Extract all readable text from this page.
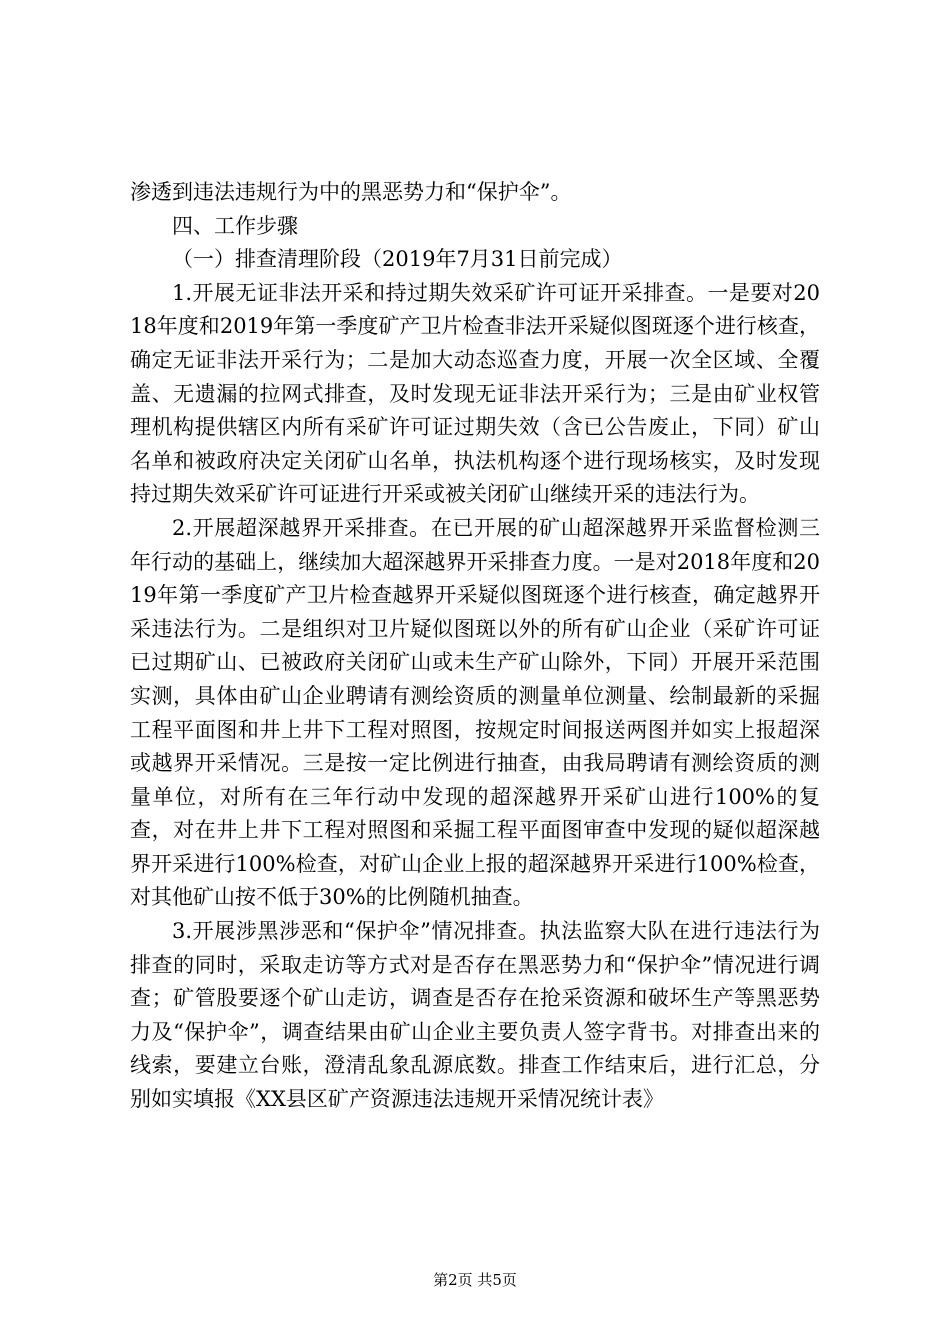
渗透到违法违规行为中的黑恶势力和“保护伞”。

四、工作步骤

（一）排查清理阶段（2019年7月31日前完成）

1.开展无证非法开采和持过期失效采矿许可证开采排查。一是要对2018年度和2019年第一季度矿产卫片检查非法开采疑似图斑逐个进行核查，确定无证非法开采行为；二是加大动态巡查力度，开展一次全区域、全覆盖、无遗漏的拉网式排查，及时发现无证非法开采行为；三是由矿业权管理机构提供辖区内所有采矿许可证过期失效（含已公告废止，下同）矿山名单和被政府决定关闭矿山名单，执法机构逐个进行现场核实，及时发现持过期失效采矿许可证进行开采或被关闭矿山继续开采的违法行为。

2.开展超深越界开采排查。在已开展的矿山超深越界开采监督检测三年行动的基础上，继续加大超深越界开采排查力度。一是对2018年度和2019年第一季度矿产卫片检查越界开采疑似图斑逐个进行核查，确定越界开采违法行为。二是组织对卫片疑似图斑以外的所有矿山企业（采矿许可证已过期矿山、已被政府关闭矿山或未生产矿山除外，下同）开展开采范围实测，具体由矿山企业聘请有测绘资质的测量单位测量、绘制最新的采掘工程平面图和井上井下工程对照图，按规定时间报送两图并如实上报超深或越界开采情况。三是按一定比例进行抽查，由我局聘请有测绘资质的测量单位，对所有在三年行动中发现的超深越界开采矿山进行100%的复查，对在井上井下工程对照图和采掘工程平面图审查中发现的疑似超深越界开采进行100%检查，对矿山企业上报的超深越界开采进行100%检查，对其他矿山按不低于30%的比例随机抽查。

3.开展涉黑涉恶和“保护伞”情况排查。执法监察大队在进行违法行为排查的同时，采取走访等方式对是否存在黑恶势力和“保护伞”情况进行调查；矿管股要逐个矿山走访，调查是否存在抢采资源和破坏生产等黑恶势力及“保护伞”，调查结果由矿山企业主要负责人签字背书。对排查出来的线索，要建立台账，澄清乱象乱源底数。排查工作结束后，进行汇总，分别如实填报《XX县区矿产资源违法违规开采情况统计表》

第2页 共5页
